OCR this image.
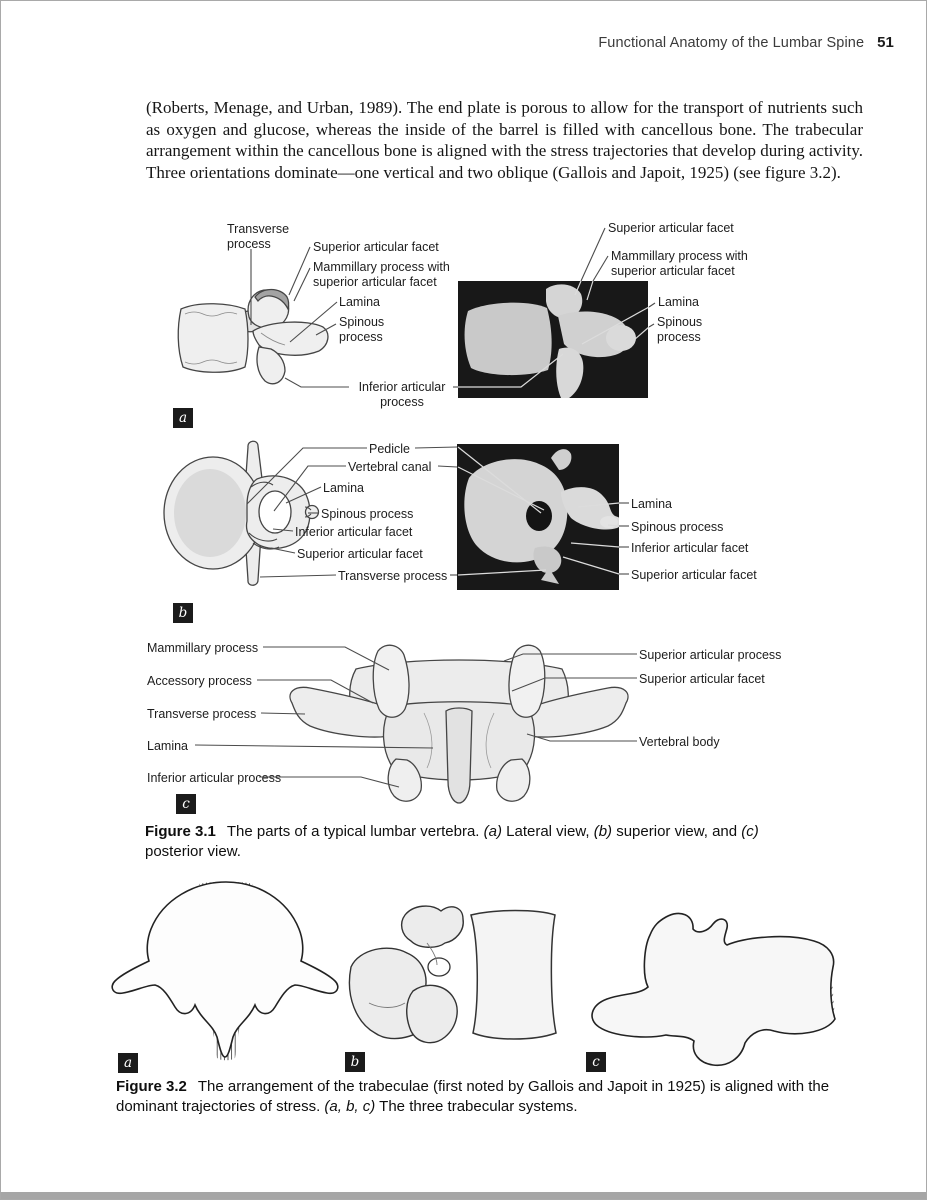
Functional Anatomy of the Lumbar Spine 51
(Roberts, Menage, and Urban, 1989). The end plate is porous to allow for the transport of nutrients such as oxygen and glucose, whereas the inside of the barrel is filled with cancellous bone. The trabecular arrangement within the cancellous bone is aligned with the stress trajectories that develop during activity. Three orientations dominate—one vertical and two oblique (Gallois and Japoit, 1925) (see figure 3.2).
Transverse process	Superior articular facet
Mammillary process with superior articular facet
Lamina
Spinous process
Inferior articular process
Superior articular facet
Mammillary process with superior articular facet
Lamina
Spinous process
a
Pedicle
Vertebral canal
Lamina
Spinous process
Inferior articular facet
Superior articular facet
Transverse process
Lamina
Spinous process
Inferior articular facet
Superior articular facet
b
Mammillary process
Accessory process
Transverse process
Lamina
Inferior articular process
Superior articular process
Superior articular facet
Vertebral body
c
Figure 3.1 The parts of a typical lumbar vertebra. (a) Lateral view, (b) superior view, and (c) posterior view.
a	b	c
Figure 3.2 The arrangement of the trabeculae (first noted by Gallois and Japoit in 1925) is aligned with the dominant trajectories of stress. (a, b, c) The three trabecular systems.
